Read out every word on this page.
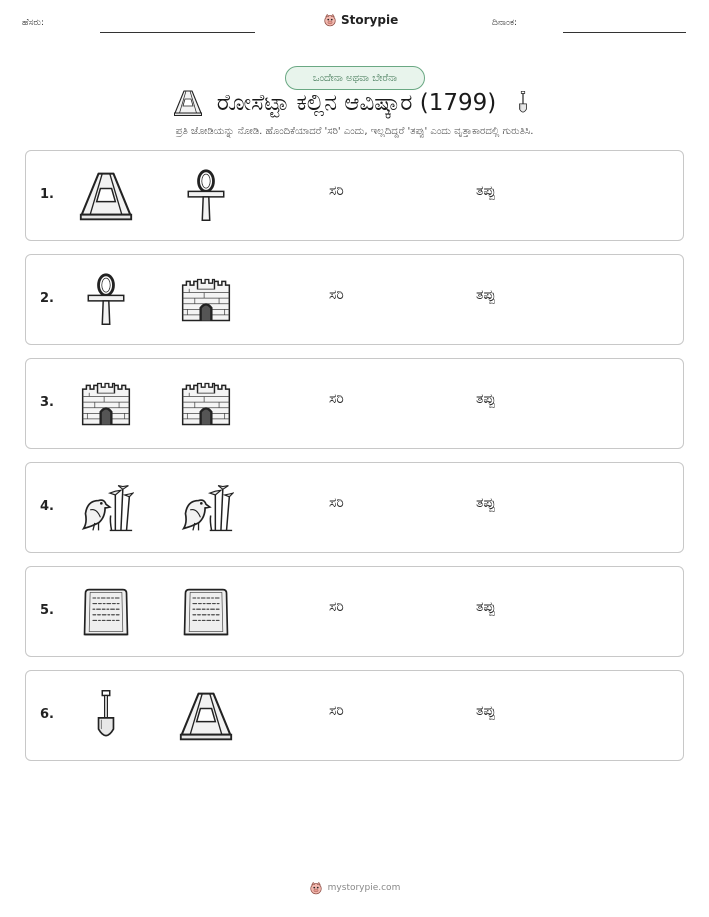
ಹೆಸರು:	Storypie	ದಿನಾಂಕ:
ಒಂದೇನಾ ಅಥವಾ ಬೇರೆನಾ
ರೋಸೆಟ್ಟಾ ಕಲ್ಲಿನ ಆವಿಷ್ಕಾರ (1799)
ಪ್ರತಿ ಜೋಡಿಯನ್ನು ನೋಡಿ. ಹೊಂದಿಕೆಯಾದರೆ 'ಸರಿ' ಎಂದು, ಇಲ್ಲದಿದ್ದರೆ 'ತಪ್ಪು' ಎಂದು ವೃತ್ತಾಕಾರದಲ್ಲಿ ಗುರುತಿಸಿ.
1.	ಸರಿ	ತಪ್ಪು
2.	ಸರಿ	ತಪ್ಪು
3.	ಸರಿ	ತಪ್ಪು
4.	ಸರಿ	ತಪ್ಪು
5.	ಸರಿ	ತಪ್ಪು
6.	ಸರಿ	ತಪ್ಪು
mystorypie.com
